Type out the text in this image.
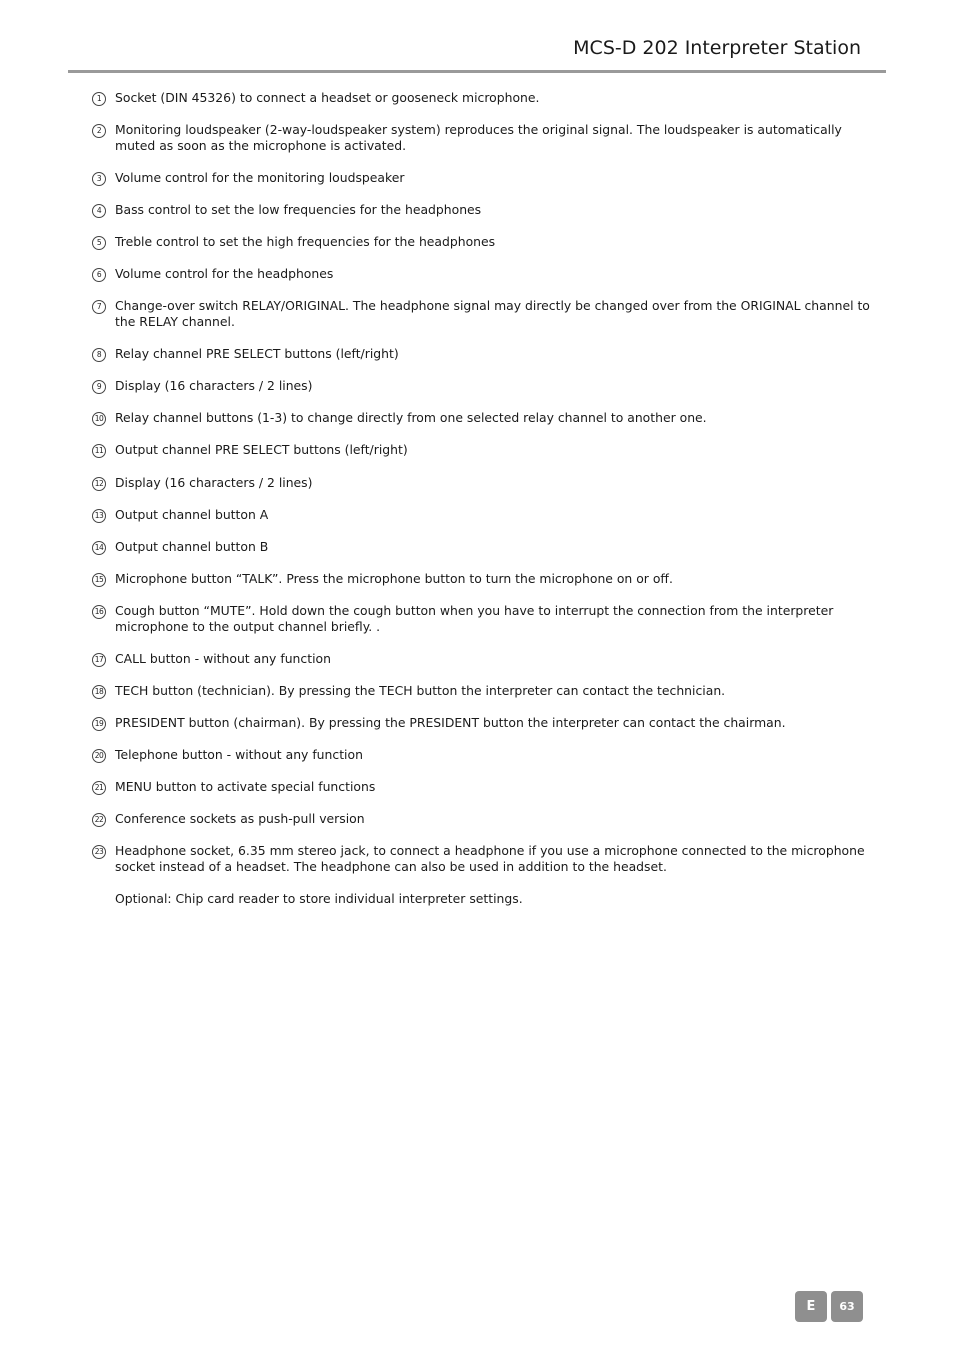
MCS-D 202 Interpreter Station
1	Socket (DIN 45326) to connect a headset or gooseneck microphone.
2	Monitoring loudspeaker (2-way-loudspeaker system) reproduces the original signal. The loudspeaker is automatically muted as soon as the microphone is activated.
3	Volume control for the monitoring loudspeaker
4	Bass control to set the low frequencies for the headphones
5	Treble control to set the high frequencies for the headphones
6	Volume control for the headphones
7	Change-over switch RELAY/ORIGINAL. The headphone signal may directly be changed over from the ORIGINAL channel to the RELAY channel.
8	Relay channel PRE SELECT buttons (left/right)
9	Display (16 characters / 2 lines)
10 Relay channel buttons (1-3) to change directly from one selected relay channel to another one.
11 Output channel PRE SELECT buttons (left/right)
12 Display (16 characters / 2 lines)
13 Output channel button A
14 Output channel button B
15 Microphone button “TALK”. Press the microphone button to turn the microphone on or off.
16 Cough button “MUTE”. Hold down the cough button when you have to interrupt the connection from the interpreter microphone to the output channel briefly. .
17 CALL button - without any function
18 TECH button (technician). By pressing the TECH button the interpreter can contact the technician.
19 PRESIDENT button (chairman). By pressing the PRESIDENT button the interpreter can contact the chairman.
20 Telephone button - without any function
21 MENU button to activate special functions
22 Conference sockets as push-pull version
23 Headphone socket, 6.35 mm stereo jack, to connect a headphone if you use a microphone connected to the microphone socket instead of a headset. The headphone can also be used in addition to the headset.
Optional: Chip card reader to store individual interpreter settings.
E	63
